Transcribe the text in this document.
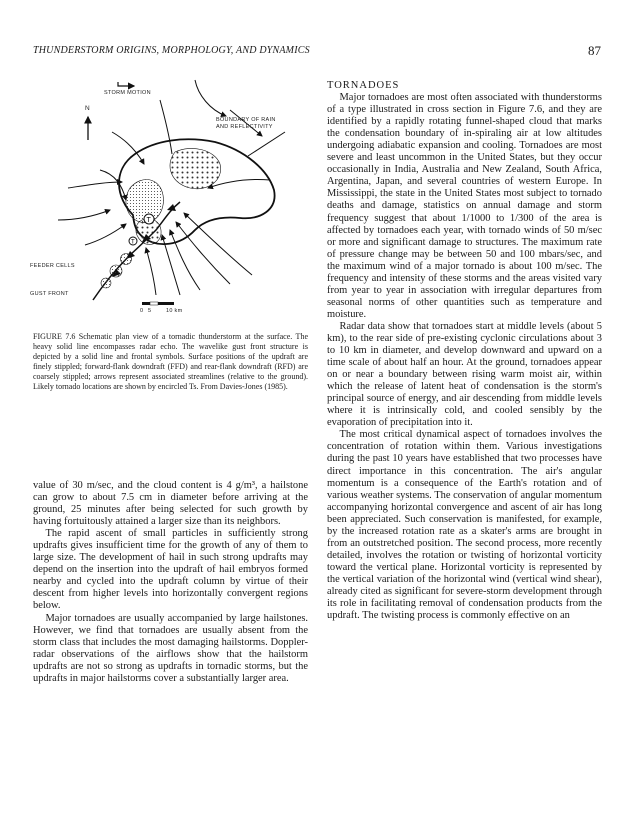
THUNDERSTORM ORIGINS, MORPHOLOGY, AND DYNAMICS	87
T
T
STORM MOTION
N
BOUNDARY OF RAIN
AND REFLECTIVITY
FEEDER CELLS
GUST FRONT
0 5	10 km
FIGURE 7.6 Schematic plan view of a tornadic thunderstorm at the surface. The heavy solid line encompasses radar echo. The wavelike gust front structure is depicted by a solid line and frontal symbols. Surface positions of the updraft are finely stippled; forward-flank downdraft (FFD) and rear-flank downdraft (RFD) are coarsely stippled; arrows represent associated streamlines (relative to the ground). Likely tornado locations are shown by encircled Ts. From Davies-Jones (1985).

value of 30 m/sec, and the cloud content is 4 g/m³, a hailstone can grow to about 7.5 cm in diameter before arriving at the ground, 25 minutes after being selected for such growth by having fortuitously attained a larger size than its neighbors.

The rapid ascent of small particles in sufficiently strong updrafts gives insufficient time for the growth of any of them to large size. The development of hail in such strong updrafts may depend on the insertion into the updraft of hail embryos formed nearby and cycled into the updraft column by virtue of their descent from higher levels into horizontally convergent regions below.

Major tornadoes are usually accompanied by large hailstones. However, we find that tornadoes are usually absent from the storm class that includes the most damaging hailstorms. Doppler-radar observations of the airflows show that the hailstorm updrafts are not so strong as updrafts in tornadic storms, but the updrafts in major hailstorms cover a substantially larger area.

TORNADOES

Major tornadoes are most often associated with thunderstorms of a type illustrated in cross section in Figure 7.6, and they are identified by a rapidly rotating funnel-shaped cloud that marks the condensation boundary of in-spiraling air at low altitudes undergoing adiabatic expansion and cooling. Tornadoes are most severe and least uncommon in the United States, but they occur occasionally in India, Australia and New Zealand, South Africa, Argentina, Japan, and several countries of western Europe. In Mississippi, the state in the United States most subject to tornado deaths and damage, statistics on annual damage and storm frequency suggest that about 1/1000 to 1/300 of the area is affected by tornadoes each year, with tornado winds of 50 m/sec or more and significant damage to structures. The maximum rate of pressure change may be between 50 and 100 mbars/sec, and the maximum wind of a major tornado is about 100 m/sec. The frequency and intensity of these storms and the areas visited vary from year to year in association with irregular departures from seasonal norms of other quantities such as temperature and moisture.

Radar data show that tornadoes start at middle levels (about 5 km), to the rear side of pre-existing cyclonic circulations about 3 to 10 km in diameter, and develop downward and upward on a time scale of about half an hour. At the ground, tornadoes appear on or near a boundary between rising warm moist air, within which the release of latent heat of condensation is the storm's principal source of energy, and air descending from middle levels where it is intrinsically cold, and cooled sensibly by the evaporation of precipitation into it.

The most critical dynamical aspect of tornadoes involves the concentration of rotation within them. Various investigations during the past 10 years have established that two processes have direct importance in this concentration. The air's angular momentum is a consequence of the Earth's rotation and of various weather systems. The conservation of angular momentum accompanying horizontal convergence and ascent of air has long been appreciated. Such conservation is manifested, for example, by the increased rotation rate as a skater's arms are brought in from an outstretched position. The second process, more recently detailed, involves the rotation or twisting of horizontal vorticity toward the vertical plane. Horizontal vorticity is represented by the vertical variation of the horizontal wind (vertical wind shear), already cited as significant for severe-storm development through its role in facilitating removal of condensation products from the updraft. The twisting process is commonly effective on an
